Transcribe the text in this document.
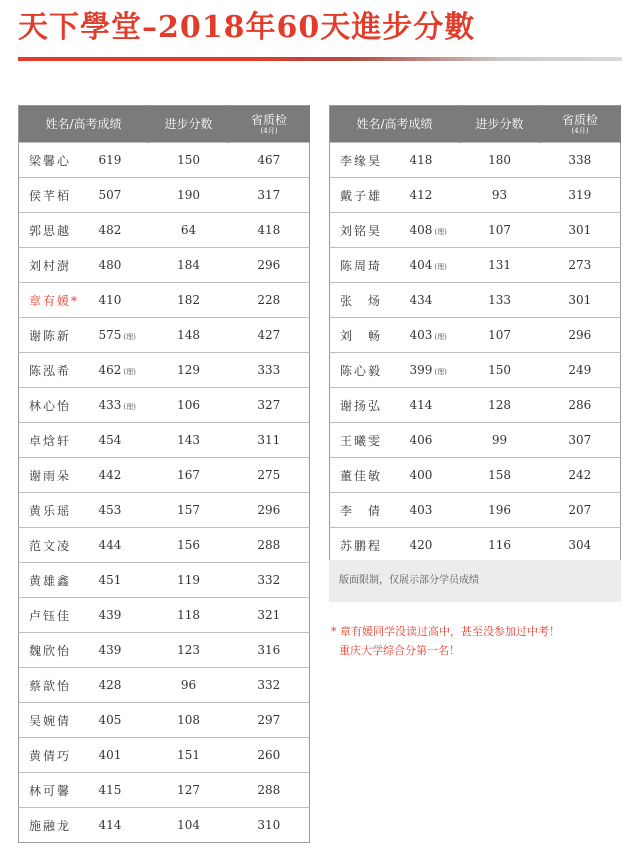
天下學堂–2018年60天進步分數
姓名/高考成绩		进步分数	省质检
(4月)

梁馨心	619	150	467
侯芊栢	507	190	317
郭思越	482	64	418
刘村澍	480	184	296
章有媛*	410	182	228
谢陈新	575 (理)	148	427
陈泓希	462 (理)	129	333
林心怡	433 (理)	106	327
卓焓轩	454	143	311
谢雨朵	442	167	275
黄乐瑶	453	157	296
范文凌	444	156	288
黄雄鑫	451	119	332
卢钰佳	439	118	321
魏欣怡	439	123	316
蔡歆怡	428	96	332
吴婉倩	405	108	297
黄倩巧	401	151	260
林可馨	415	127	288
施融龙	414	104	310
姓名/高考成绩		进步分数	省质检
(4月)

李缘昊	418	180	338
戴子雄	412	93	319
刘铭昊	408 (理)	107	301
陈周琦	404 (理)	131	273
张　炀	434	133	301
刘　畅	403 (理)	107	296
陈心毅	399 (理)	150	249
谢扬弘	414	128	286
王曦雯	406	99	307
董佳敏	400	158	242
李　倩	403	196	207
苏鹏程	420	116	304
版面限制，仅展示部分学员成绩
* 章有媛同学没读过高中，甚至没参加过中考！
重庆大学综合分第一名！
